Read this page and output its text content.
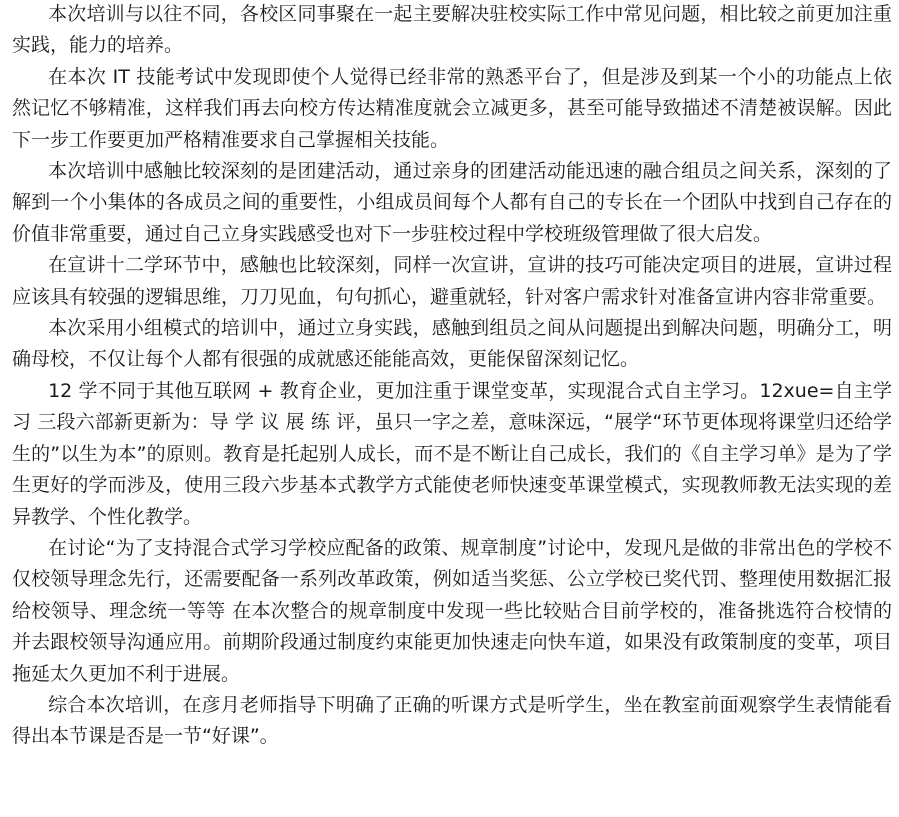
本次培训与以往不同，各校区同事聚在一起主要解决驻校实际工作中常见问题，相比较之前更加注重实践，能力的培养。

在本次 IT 技能考试中发现即使个人觉得已经非常的熟悉平台了，但是涉及到某一个小的功能点上依然记忆不够精准，这样我们再去向校方传达精准度就会立减更多，甚至可能导致描述不清楚被误解。因此下一步工作要更加严格精准要求自己掌握相关技能。

本次培训中感触比较深刻的是团建活动，通过亲身的团建活动能迅速的融合组员之间关系，深刻的了解到一个小集体的各成员之间的重要性，小组成员间每个人都有自己的专长在一个团队中找到自己存在的价值非常重要，通过自己立身实践感受也对下一步驻校过程中学校班级管理做了很大启发。

在宣讲十二学环节中，感触也比较深刻，同样一次宣讲，宣讲的技巧可能决定项目的进展，宣讲过程应该具有较强的逻辑思维，刀刀见血，句句抓心，避重就轻，针对客户需求针对准备宣讲内容非常重要。

本次采用小组模式的培训中，通过立身实践，感触到组员之间从问题提出到解决问题，明确分工，明确母校，不仅让每个人都有很强的成就感还能能高效，更能保留深刻记忆。

12 学不同于其他互联网 + 教育企业，更加注重于课堂变革，实现混合式自主学习。12xue=自主学习 三段六部新更新为：导 学 议 展 练 评，虽只一字之差，意味深远，“展学“环节更体现将课堂归还给学生的”以生为本”的原则。教育是托起别人成长，而不是不断让自己成长，我们的《自主学习单》是为了学生更好的学而涉及，使用三段六步基本式教学方式能使老师快速变革课堂模式，实现教师教无法实现的差异教学、个性化教学。

在讨论“为了支持混合式学习学校应配备的政策、规章制度”讨论中，发现凡是做的非常出色的学校不仅校领导理念先行，还需要配备一系列改革政策，例如适当奖惩、公立学校已奖代罚、整理使用数据汇报给校领导、理念统一等等 在本次整合的规章制度中发现一些比较贴合目前学校的，准备挑选符合校情的并去跟校领导沟通应用。前期阶段通过制度约束能更加快速走向快车道，如果没有政策制度的变革，项目拖延太久更加不利于进展。

综合本次培训，在彦月老师指导下明确了正确的听课方式是听学生，坐在教室前面观察学生表情能看得出本节课是否是一节“好课”。
